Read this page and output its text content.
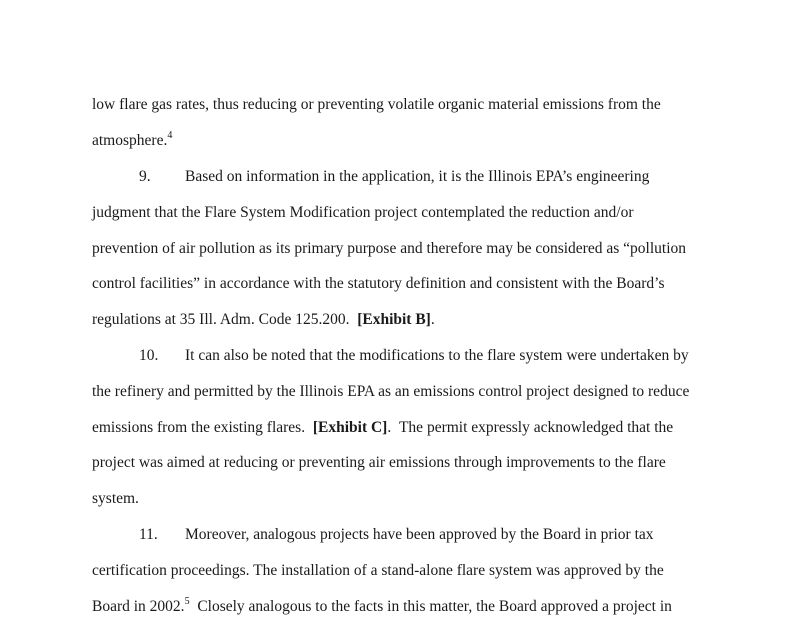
low flare gas rates, thus reducing or preventing volatile organic material emissions from the
atmosphere.$^4$
9. Based on information in the application, it is the Illinois EPA’s engineering
judgment that the Flare System Modification project contemplated the reduction and/or
prevention of air pollution as its primary purpose and therefore may be considered as “pollution
control facilities” in accordance with the statutory definition and consistent with the Board’s
regulations at 35 Ill. Adm. Code 125.200. [Exhibit B].
10. It can also be noted that the modifications to the flare system were undertaken by
the refinery and permitted by the Illinois EPA as an emissions control project designed to reduce
emissions from the existing flares. [Exhibit C].  The permit expressly acknowledged that the
project was aimed at reducing or preventing air emissions through improvements to the flare
system.
11. Moreover, analogous projects have been approved by the Board in prior tax
certification proceedings. The installation of a stand-alone flare system was approved by the
Board in 2002.$^5$ Closely analogous to the facts in this matter, the Board approved a project in
